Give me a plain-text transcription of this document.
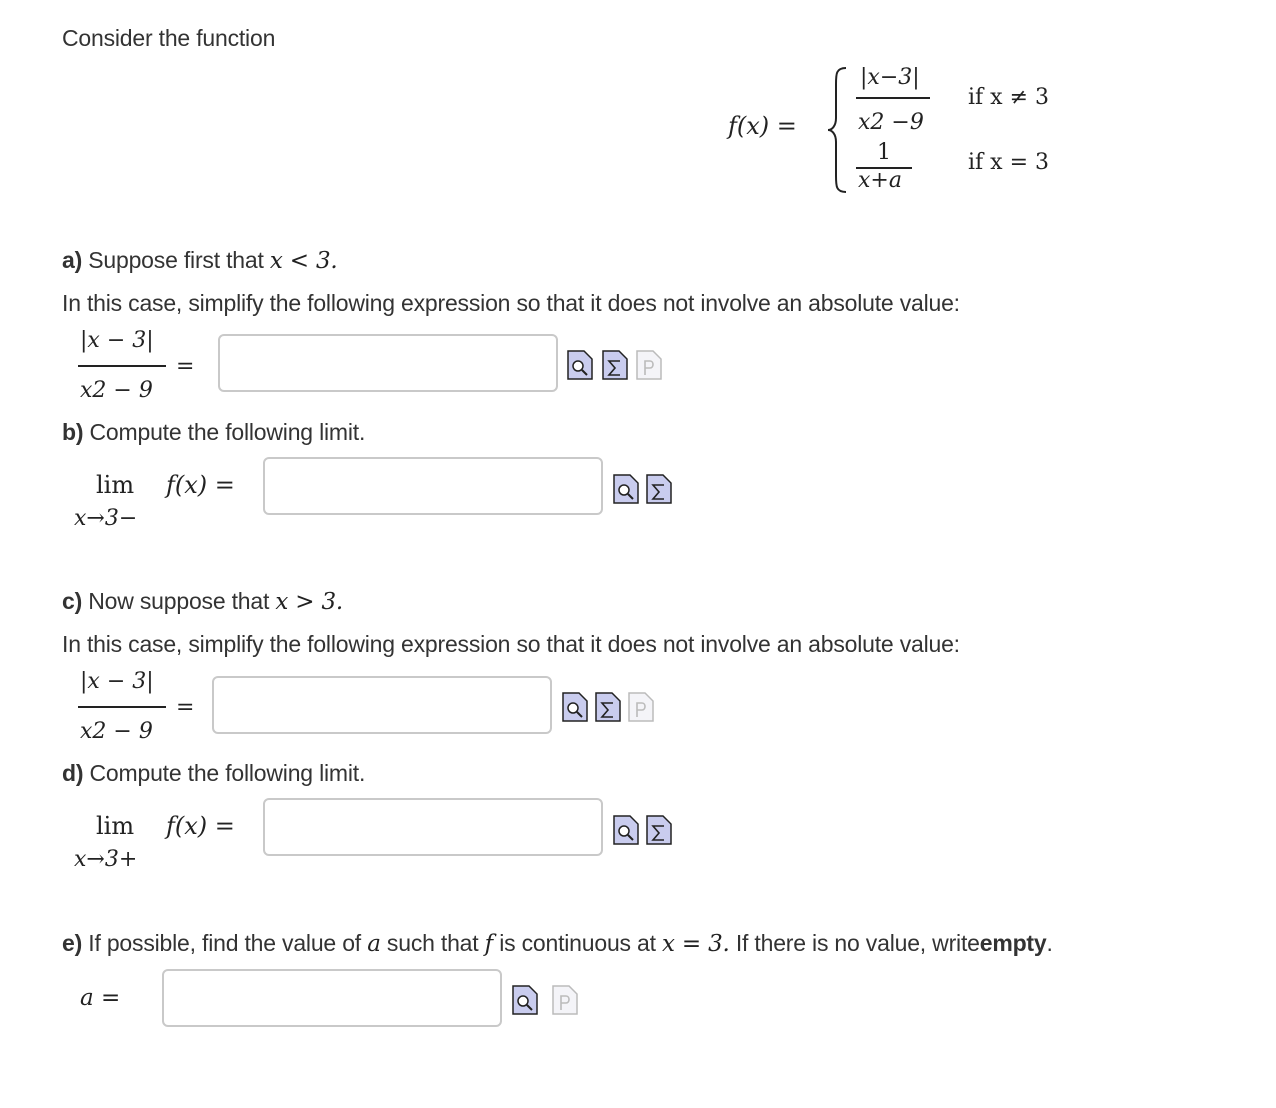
Consider the function
f(x) =
|x−3|
x2 −9
if x ≠ 3
1
x+a
if x = 3
a) Suppose first that x < 3.
In this case, simplify the following expression so that it does not involve an absolute value:
|x − 3|
x2 − 9
=
b) Compute the following limit.
lim f(x) =
x→3−
c) Now suppose that x > 3.
In this case, simplify the following expression so that it does not involve an absolute value:
|x − 3|
x2 − 9
=
d) Compute the following limit.
lim f(x) =
x→3+
e) If possible, find the value of a such that f is continuous at x = 3. If there is no value, writeempty.
a =
